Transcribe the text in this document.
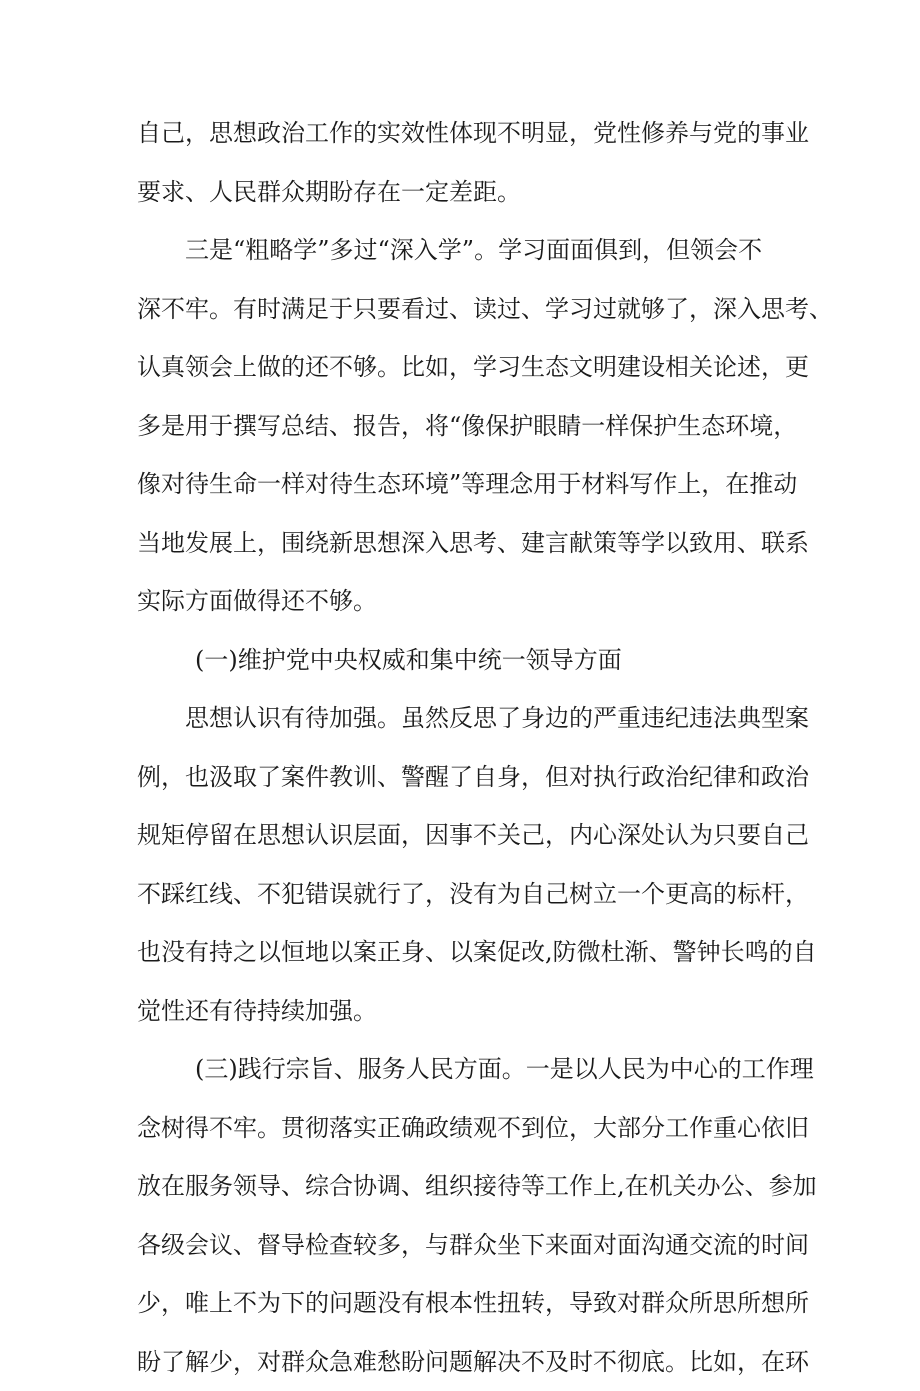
自己，思想政治工作的实效性体现不明显，党性修养与党的事业
要求、人民群众期盼存在一定差距。
三是“粗略学”多过“深入学”。学习面面俱到，但领会不
深不牢。有时满足于只要看过、读过、学习过就够了，深入思考、
认真领会上做的还不够。比如，学习生态文明建设相关论述，更
多是用于撰写总结、报告，将“像保护眼睛一样保护生态环境，
像对待生命一样对待生态环境”等理念用于材料写作上，在推动
当地发展上，围绕新思想深入思考、建言献策等学以致用、联系
实际方面做得还不够。
(一)维护党中央权威和集中统一领导方面
思想认识有待加强。虽然反思了身边的严重违纪违法典型案
例，也汲取了案件教训、警醒了自身，但对执行政治纪律和政治
规矩停留在思想认识层面，因事不关己，内心深处认为只要自己
不踩红线、不犯错误就行了，没有为自己树立一个更高的标杆，
也没有持之以恒地以案正身、以案促改,防微杜渐、警钟长鸣的自
觉性还有待持续加强。
(三)践行宗旨、服务人民方面。一是以人民为中心的工作理
念树得不牢。贯彻落实正确政绩观不到位，大部分工作重心依旧
放在服务领导、综合协调、组织接待等工作上,在机关办公、参加
各级会议、督导检查较多，与群众坐下来面对面沟通交流的时间
少，唯上不为下的问题没有根本性扭转，导致对群众所思所想所
盼了解少，对群众急难愁盼问题解决不及时不彻底。比如，在环
